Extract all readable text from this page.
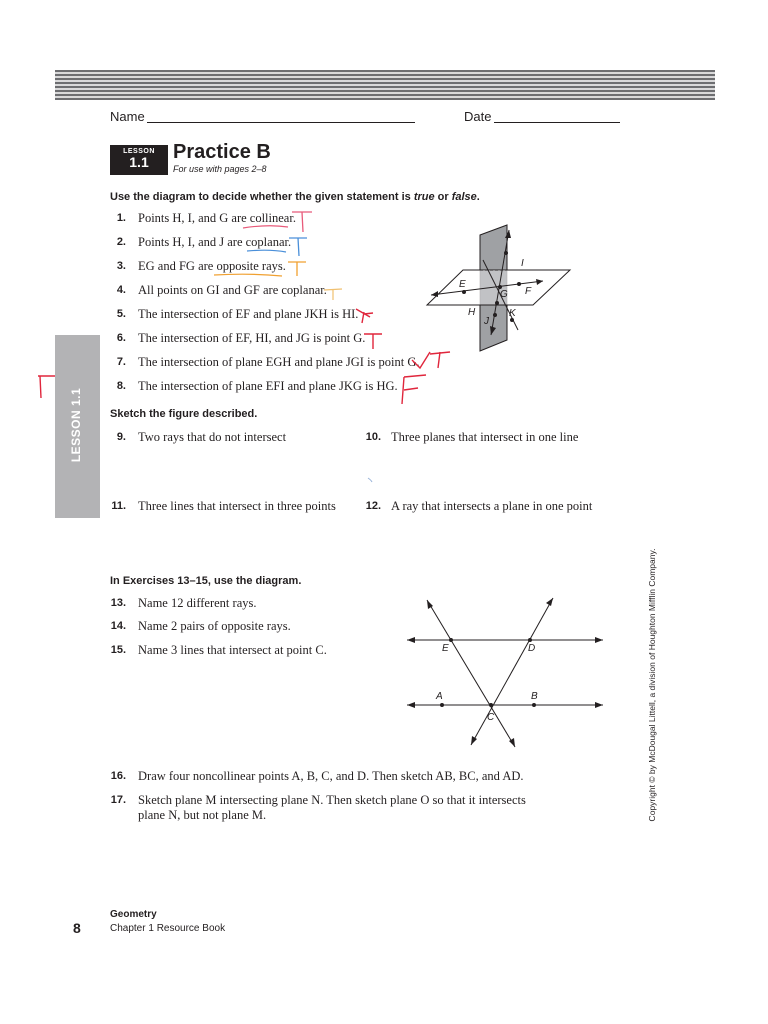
LESSON 1.1
Name	Date
LESSON
1.1	Practice B
For use with pages 2–8
Use the diagram to decide whether the given statement is true or false.
1. Points H, I, and G are collinear.
2. Points H, I, and J are coplanar.
3. EG and FG are opposite rays.
4. All points on GI and GF are coplanar.
5. The intersection of EF and plane JKH is HI.
6. The intersection of EF, HI, and JG is point G.
7. The intersection of plane EGH and plane JGI is point G.
8. The intersection of plane EFI and plane JKG is HG.
I
E
G F
H
J
K
Sketch the figure described.
9. Two rays that do not intersect	10. Three planes that intersect in one line
11. Three lines that intersect in three points	12. A ray that intersects a plane in one point
In Exercises 13–15, use the diagram.
13. Name 12 different rays.
14. Name 2 pairs of opposite rays.
15. Name 3 lines that intersect at point C.	E	D
A	B
C
16. Draw four noncollinear points A, B, C, and D. Then sketch AB, BC, and AD.
17. Sketch plane M intersecting plane N. Then sketch plane O so that it intersects
plane N, but not plane M.	Copyright © by McDougal Littell, a division of Houghton Mifflin Company.
8
Geometry
Chapter 1 Resource Book
